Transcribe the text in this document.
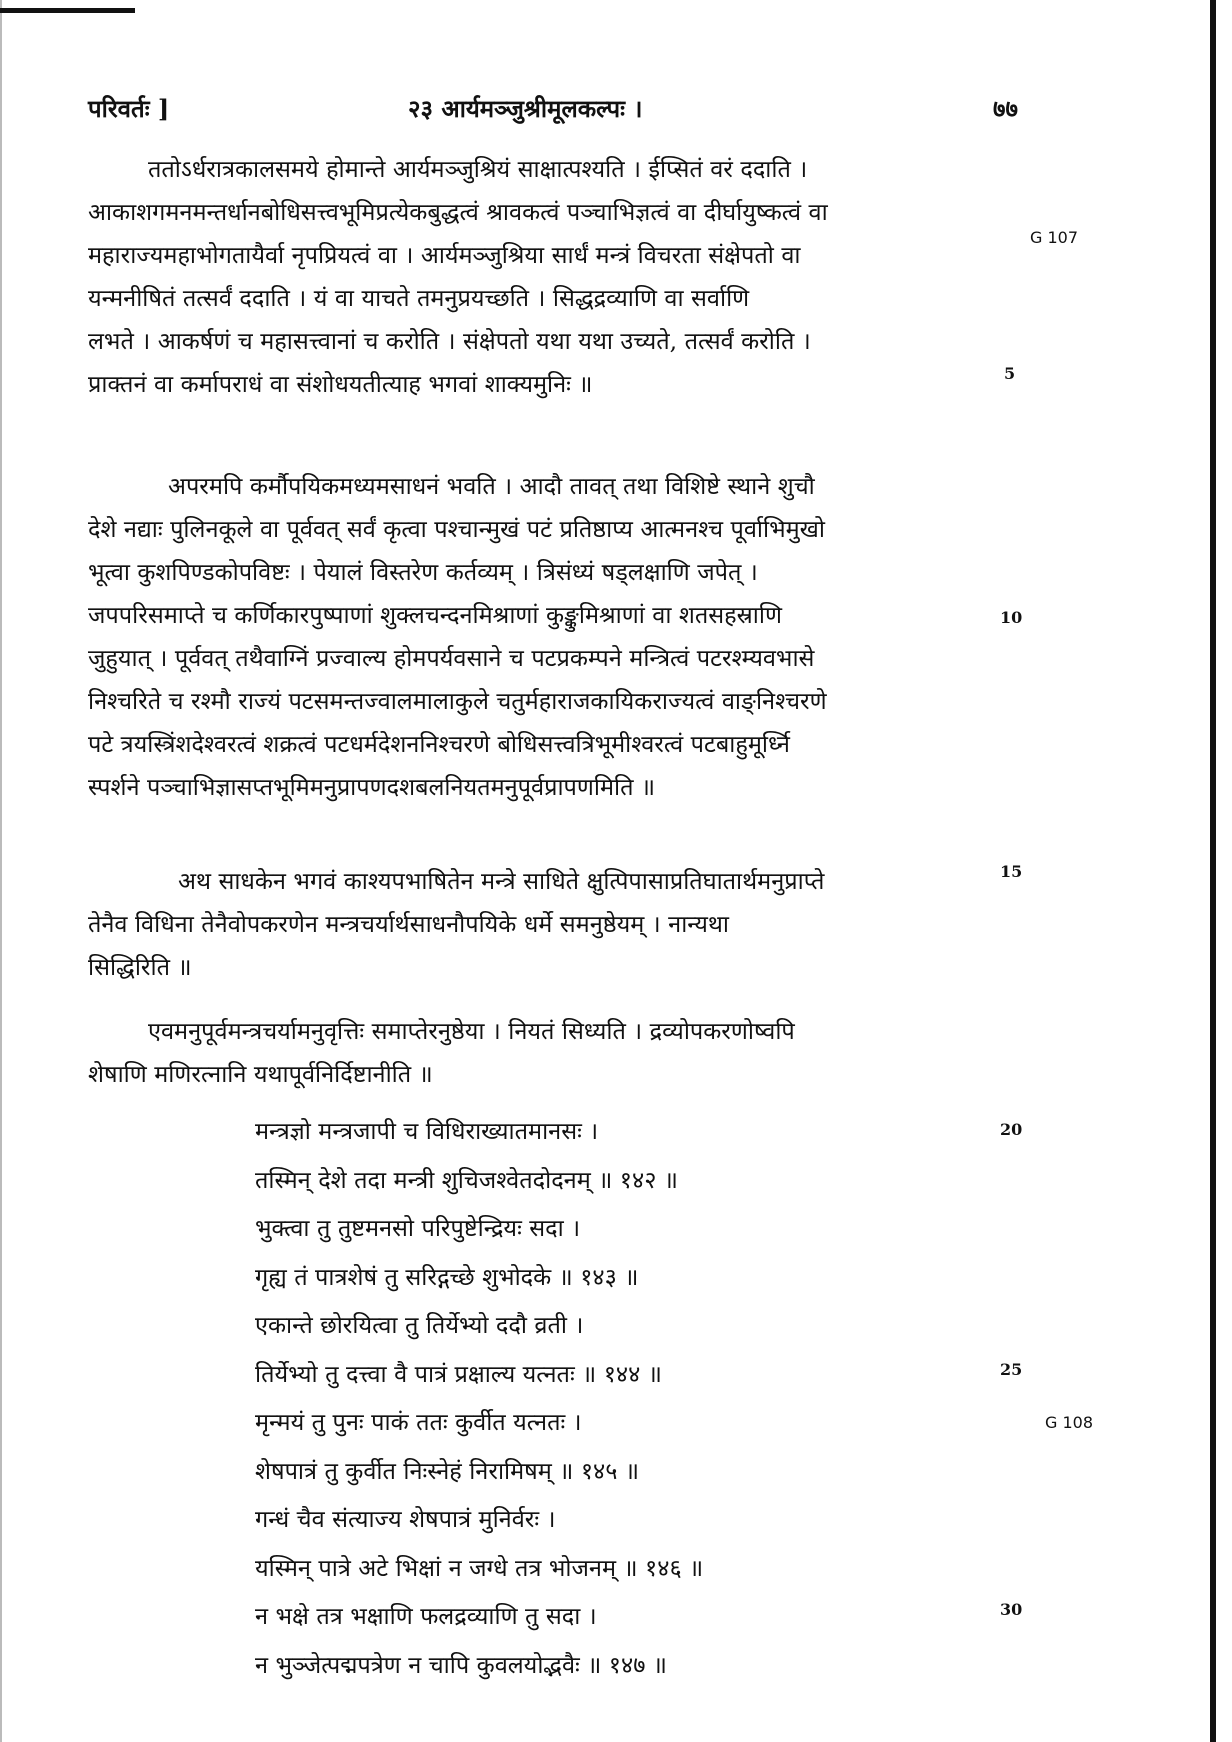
परिवर्तः ]	२३ आर्यमञ्जुश्रीमूलकल्पः ।	७७
ततोऽर्धरात्रकालसमये होमान्ते आर्यमञ्जुश्रियं साक्षात्पश्यति । ईप्सितं वरं ददाति ।
आकाशगमनमन्तर्धानबोधिसत्त्वभूमिप्रत्येकबुद्धत्वं श्रावकत्वं पञ्चाभिज्ञत्वं वा दीर्घायुष्कत्वं वा
महाराज्यमहाभोगतायैर्वा नृपप्रियत्वं वा । आर्यमञ्जुश्रिया सार्धं मन्त्रं विचरता संक्षेपतो वा
यन्मनीषितं तत्सर्वं ददाति । यं वा याचते तमनुप्रयच्छति । सिद्धद्रव्याणि वा सर्वाणि
लभते । आकर्षणं च महासत्त्वानां च करोति । संक्षेपतो यथा यथा उच्यते, तत्सर्वं करोति ।
प्राक्तनं वा कर्मापराधं वा संशोधयतीत्याह भगवां शाक्यमुनिः ॥
अपरमपि कर्मौपयिकमध्यमसाधनं भवति । आदौ तावत् तथा विशिष्टे स्थाने शुचौ
देशे नद्याः पुलिनकूले वा पूर्ववत् सर्वं कृत्वा पश्चान्मुखं पटं प्रतिष्ठाप्य आत्मनश्च पूर्वाभिमुखो
भूत्वा कुशपिण्डकोपविष्टः । पेयालं विस्तरेण कर्तव्यम् । त्रिसंध्यं षड्लक्षाणि जपेत् ।
जपपरिसमाप्ते च कर्णिकारपुष्पाणां शुक्लचन्दनमिश्राणां कुङ्कुमिश्राणां वा शतसहस्राणि
जुहुयात् । पूर्ववत् तथैवाग्निं प्रज्वाल्य होमपर्यवसाने च पटप्रकम्पने मन्त्रित्वं पटरश्म्यवभासे
निश्चरिते च रश्मौ राज्यं पटसमन्तज्वालमालाकुले चतुर्महाराजकायिकराज्यत्वं वाङ्निश्चरणे
पटे त्रयस्त्रिंशदेश्वरत्वं शक्रत्वं पटधर्मदेशननिश्चरणे बोधिसत्त्वत्रिभूमीश्वरत्वं पटबाहुमूर्ध्नि
स्पर्शने पञ्चाभिज्ञासप्तभूमिमनुप्रापणदशबलनियतमनुपूर्वप्रापणमिति ॥
अथ साधकेन भगवं काश्यपभाषितेन मन्त्रे साधिते क्षुत्पिपासाप्रतिघातार्थमनुप्राप्ते
तेनैव विधिना तेनैवोपकरणेन मन्त्रचर्यार्थसाधनौपयिके धर्मे समनुष्ठेयम् । नान्यथा
सिद्धिरिति ॥
एवमनुपूर्वमन्त्रचर्यामनुवृत्तिः समाप्तेरनुष्ठेया । नियतं सिध्यति । द्रव्योपकरणोष्वपि
शेषाणि मणिरत्नानि यथापूर्वनिर्दिष्टानीति ॥
मन्त्रज्ञो मन्त्रजापी च विधिराख्यातमानसः ।
तस्मिन् देशे तदा मन्त्री शुचिजश्वेतदोदनम् ॥ १४२ ॥
भुक्त्वा तु तुष्टमनसो परिपुष्टेन्द्रियः सदा ।
गृह्य तं पात्रशेषं तु सरिद्गच्छे शुभोदके ॥ १४३ ॥
एकान्ते छोरयित्वा तु तिर्येभ्यो ददौ व्रती ।
तिर्येभ्यो तु दत्त्वा वै पात्रं प्रक्षाल्य यत्नतः ॥ १४४ ॥
मृन्मयं तु पुनः पाकं ततः कुर्वीत यत्नतः ।
शेषपात्रं तु कुर्वीत निःस्नेहं निरामिषम् ॥ १४५ ॥
गन्धं चैव संत्याज्य शेषपात्रं मुनिर्वरः ।
यस्मिन् पात्रे अटे भिक्षां न जग्धे तत्र भोजनम् ॥ १४६ ॥
न भक्षे तत्र भक्षाणि फलद्रव्याणि तु सदा ।
न भुञ्जेत्पद्मपत्रेण न चापि कुवलयोद्भवैः ॥ १४७ ॥
5
10
15
20
25
30
G 107
G 108
